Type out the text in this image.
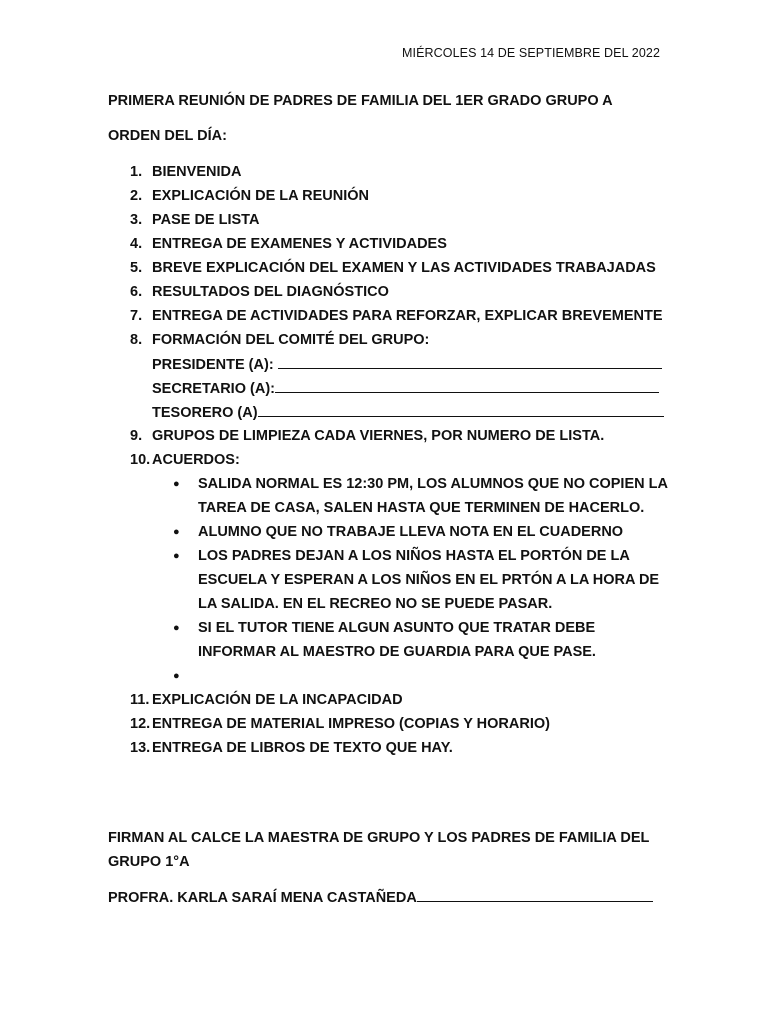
MIÉRCOLES 14 DE SEPTIEMBRE DEL 2022
PRIMERA REUNIÓN DE PADRES DE FAMILIA DEL 1ER GRADO GRUPO A
ORDEN DEL DÍA:
1. BIENVENIDA
2. EXPLICACIÓN DE LA REUNIÓN
3. PASE DE LISTA
4. ENTREGA DE EXAMENES Y ACTIVIDADES
5. BREVE EXPLICACIÓN DEL EXAMEN Y LAS ACTIVIDADES TRABAJADAS
6. RESULTADOS DEL DIAGNÓSTICO
7. ENTREGA DE ACTIVIDADES PARA REFORZAR, EXPLICAR BREVEMENTE
8. FORMACIÓN DEL COMITÉ DEL GRUPO:
PRESIDENTE (A):
SECRETARIO (A):
TESORERO (A)
9. GRUPOS DE LIMPIEZA CADA VIERNES, POR NUMERO DE LISTA.
10. ACUERDOS:
● SALIDA NORMAL ES 12:30 PM, LOS ALUMNOS QUE NO COPIEN LA TAREA DE CASA, SALEN HASTA QUE TERMINEN DE HACERLO.
● ALUMNO QUE NO TRABAJE LLEVA NOTA EN EL CUADERNO
● LOS PADRES DEJAN A LOS NIÑOS HASTA EL PORTÓN DE LA ESCUELA Y ESPERAN A LOS NIÑOS EN EL PRTÓN A LA HORA DE LA SALIDA. EN EL RECREO NO SE PUEDE PASAR.
● SI EL TUTOR TIENE ALGUN ASUNTO QUE TRATAR DEBE INFORMAR AL MAESTRO DE GUARDIA PARA QUE PASE.
●
11. EXPLICACIÓN DE LA INCAPACIDAD
12. ENTREGA DE MATERIAL IMPRESO (COPIAS Y HORARIO)
13. ENTREGA DE LIBROS DE TEXTO QUE HAY.
FIRMAN AL CALCE LA MAESTRA DE GRUPO Y LOS PADRES DE FAMILIA DEL GRUPO 1°A
PROFRA. KARLA SARAÍ MENA CASTAÑEDA
